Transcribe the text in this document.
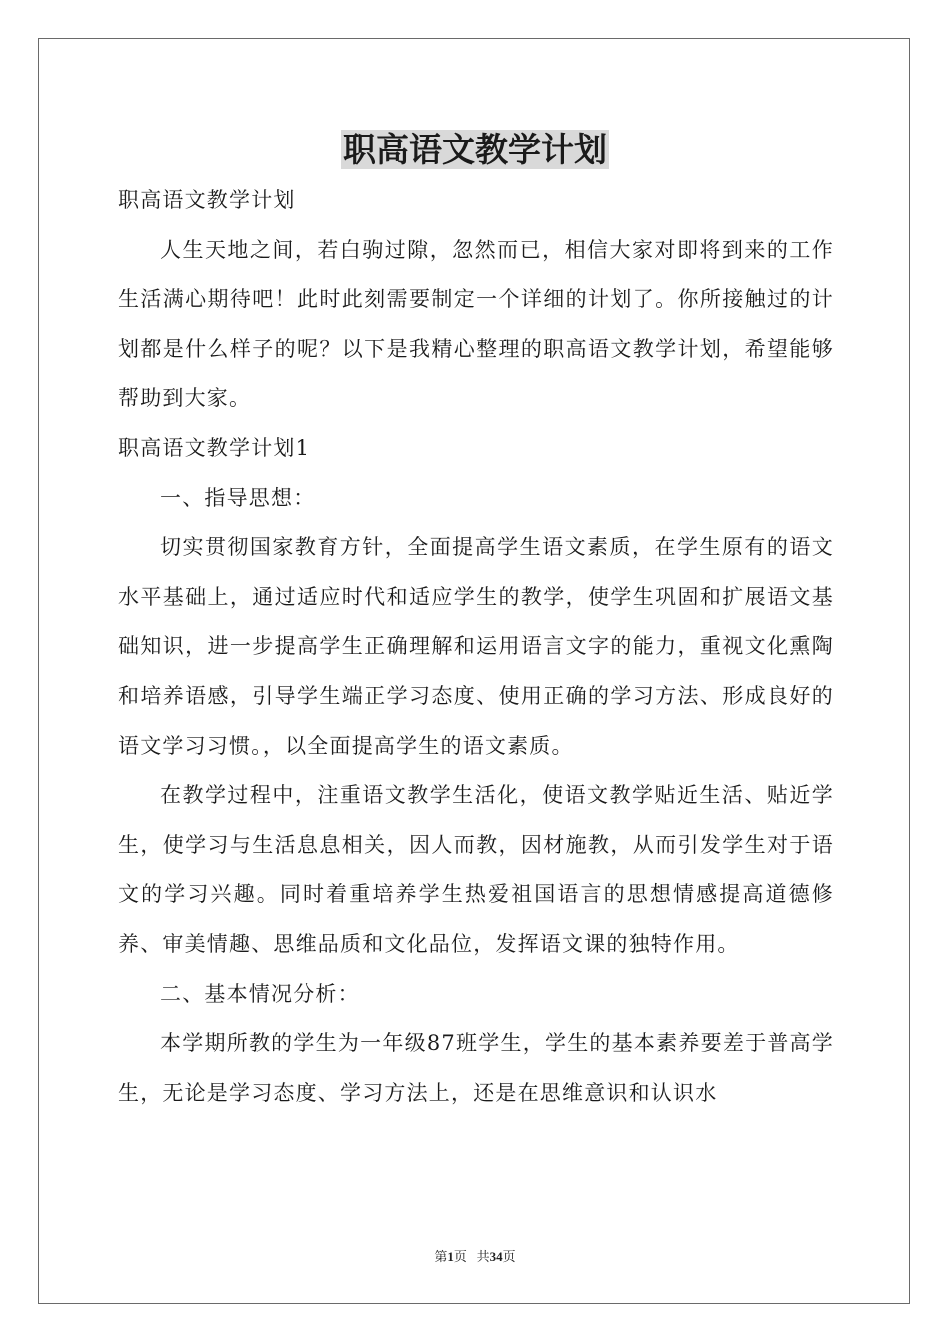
职高语文教学计划

职高语文教学计划

人生天地之间，若白驹过隙，忽然而已，相信大家对即将到来的工作生活满心期待吧！此时此刻需要制定一个详细的计划了。你所接触过的计划都是什么样子的呢？以下是我精心整理的职高语文教学计划，希望能够帮助到大家。

职高语文教学计划1

一、指导思想：

切实贯彻国家教育方针，全面提高学生语文素质，在学生原有的语文水平基础上，通过适应时代和适应学生的教学，使学生巩固和扩展语文基础知识，进一步提高学生正确理解和运用语言文字的能力，重视文化熏陶和培养语感，引导学生端正学习态度、使用正确的学习方法、形成良好的语文学习习惯。，以全面提高学生的语文素质。

在教学过程中，注重语文教学生活化，使语文教学贴近生活、贴近学生，使学习与生活息息相关，因人而教，因材施教，从而引发学生对于语文的学习兴趣。同时着重培养学生热爱祖国语言的思想情感提高道德修养、审美情趣、思维品质和文化品位，发挥语文课的独特作用。

二、基本情况分析：

本学期所教的学生为一年级87班学生，学生的基本素养要差于普高学生，无论是学习态度、学习方法上，还是在思维意识和认识水

第1页 共34页
